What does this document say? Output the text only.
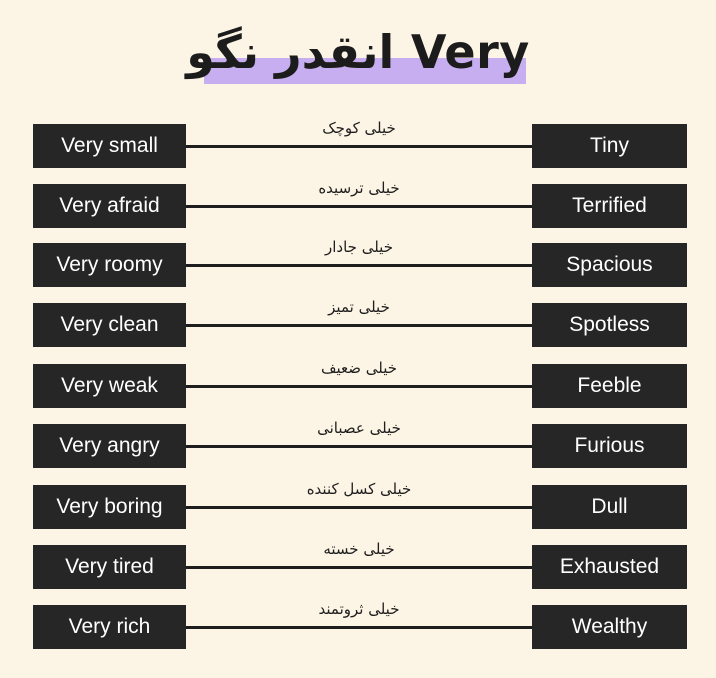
Very انقدر نگو
خیلی کوچک
Very small	Tiny
خیلی ترسیده
Very afraid	Terrified
خیلی جادار
Very roomy	Spacious
خیلی تمیز
Very clean	Spotless
خیلی ضعیف
Very weak	Feeble
خیلی عصبانی
Very angry	Furious
خیلی کسل کننده
Very boring	Dull
خیلی خسته
Very tired	Exhausted
خیلی ثروتمند
Very rich	Wealthy
